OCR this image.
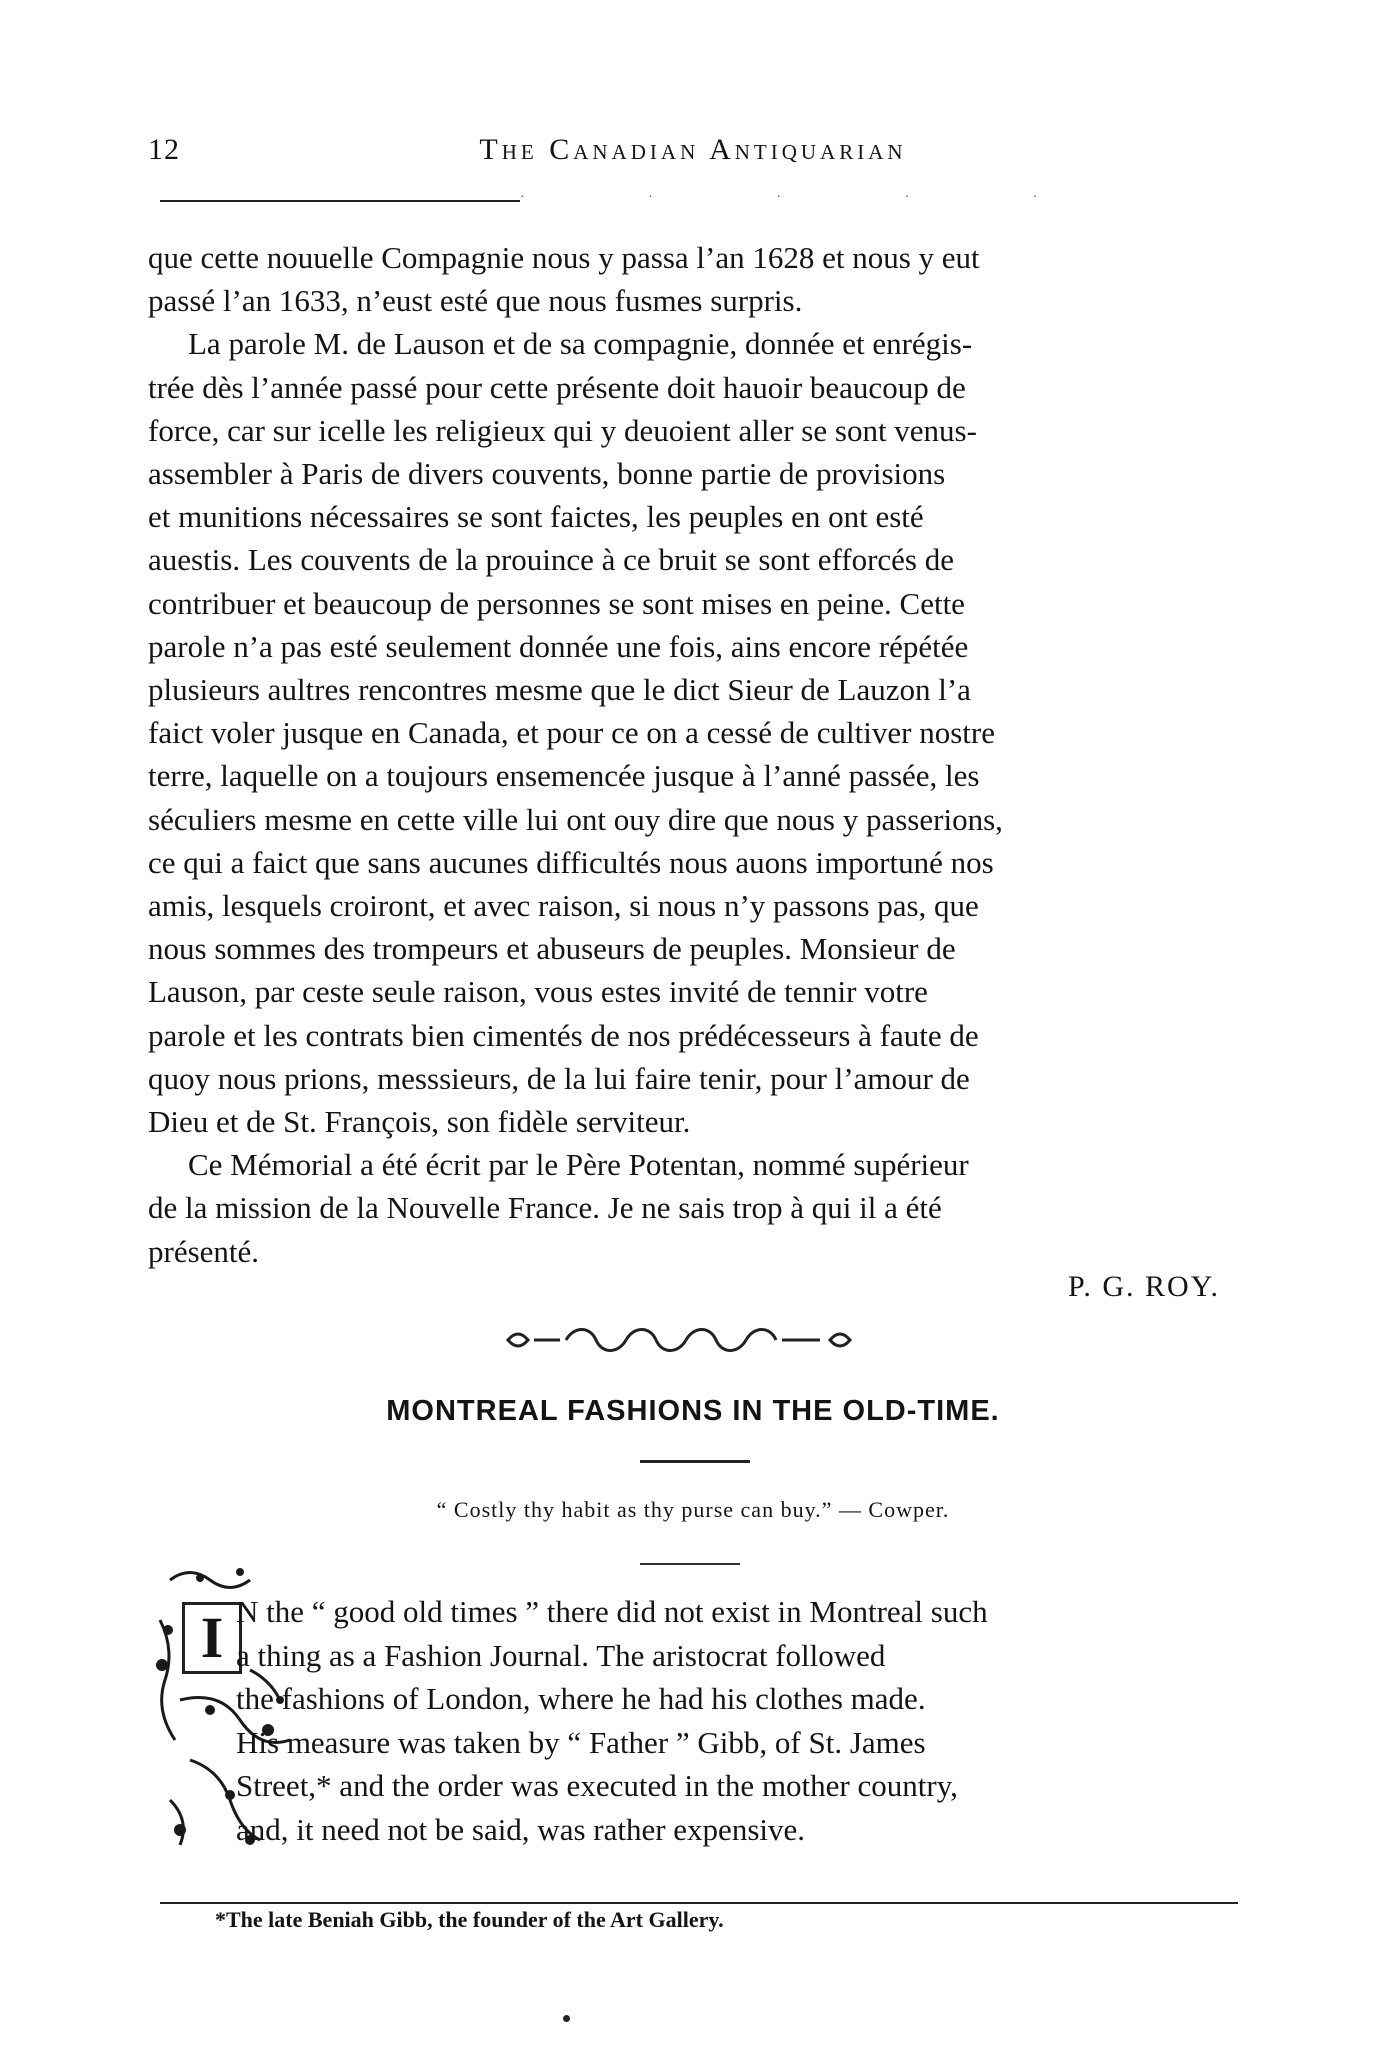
12	The Canadian Antiquarian
· · · · ·

que cette nouuelle Compagnie nous y passa l’an 1628 et nous y eut

passé l’an 1633, n’eust esté que nous fusmes surpris.

La parole M. de Lauson et de sa compagnie, donnée et enrégis-

trée dès l’année passé pour cette présente doit hauoir beaucoup de

force, car sur icelle les religieux qui y deuoient aller se sont venus-

assembler à Paris de divers couvents, bonne partie de provisions

et munitions nécessaires se sont faictes, les peuples en ont esté

auestis. Les couvents de la prouince à ce bruit se sont efforcés de

contribuer et beaucoup de personnes se sont mises en peine. Cette

parole n’a pas esté seulement donnée une fois, ains encore répétée

plusieurs aultres rencontres mesme que le dict Sieur de Lauzon l’a

faict voler jusque en Canada, et pour ce on a cessé de cultiver nostre

terre, laquelle on a toujours ensemencée jusque à l’anné passée, les

séculiers mesme en cette ville lui ont ouy dire que nous y passerions,

ce qui a faict que sans aucunes difficultés nous auons importuné nos

amis, lesquels croiront, et avec raison, si nous n’y passons pas, que

nous sommes des trompeurs et abuseurs de peuples. Monsieur de

Lauson, par ceste seule raison, vous estes invité de tennir votre

parole et les contrats bien cimentés de nos prédécesseurs à faute de

quoy nous prions, messsieurs, de la lui faire tenir, pour l’amour de

Dieu et de St. François, son fidèle serviteur.

Ce Mémorial a été écrit par le Père Potentan, nommé supérieur

de la mission de la Nouvelle France. Je ne sais trop à qui il a été

présenté.

P. G. ROY.
MONTREAL FASHIONS IN THE OLD-TIME.
“ Costly thy habit as thy purse can buy.” — Cowper.
I N the “ good old times ” there did not exist in Montreal such

a thing as a Fashion Journal. The aristocrat followed

the fashions of London, where he had his clothes made.

His measure was taken by “ Father ” Gibb, of St. James

Street,* and the order was executed in the mother country,

and, it need not be said, was rather expensive.

*The late Beniah Gibb, the founder of the Art Gallery.
